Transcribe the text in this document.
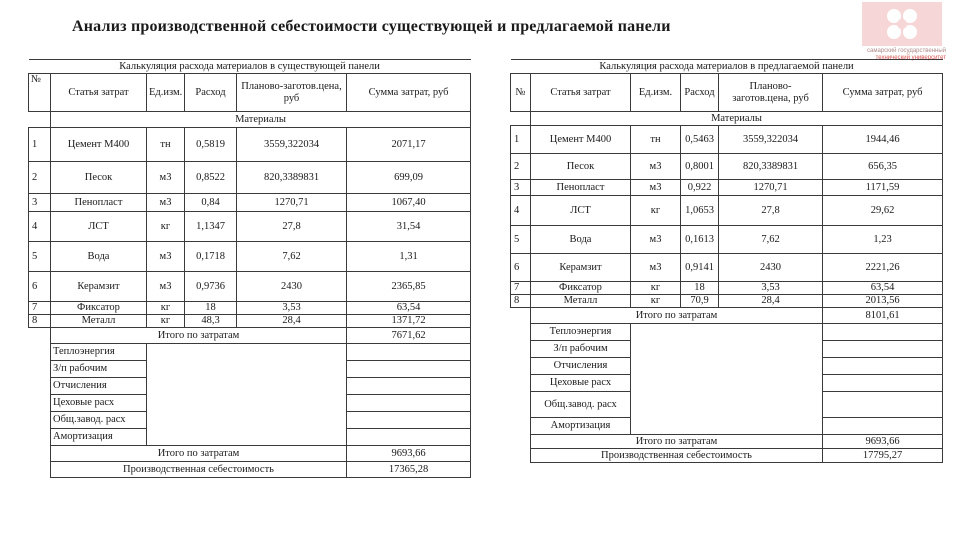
Анализ производственной себестоимости существующей и предлагаемой панели
самарский государственный
технический университет
Калькуляция расхода материалов в существующей панели					
№	Статья затрат	Ед.изм.	Расход	Планово-заготов.цена, руб	Сумма затрат, руб
	Материалы				
1	Цемент М400	тн	0,5819	3559,322034	2071,17
2	Песок	м3	0,8522	820,3389831	699,09
3	Пенопласт	м3	0,84	1270,71	1067,40
4	ЛСТ	кг	1,1347	27,8	31,54
5	Вода	м3	0,1718	7,62	1,31
6	Керамзит	м3	0,9736	2430	2365,85
7	Фиксатор	кг	18	3,53	63,54
8	Металл	кг	48,3	28,4	1371,72
	Итого по затратам				7671,62
	Теплоэнергия				
	З/п рабочим				
	Отчисления				
	Цеховые расх				
	Общ.завод. расх				
	Амортизация				
	Итого по затратам				9693,66
	Производственная себестоимость				17365,28
Калькуляция расхода материалов в предлагаемой панели					
№	Статья затрат	Ед.изм.	Расход	Планово-заготов.цена, руб	Сумма затрат, руб
	Материалы				
1	Цемент М400	тн	0,5463	3559,322034	1944,46
2	Песок	м3	0,8001	820,3389831	656,35
3	Пенопласт	м3	0,922	1270,71	1171,59
4	ЛСТ	кг	1,0653	27,8	29,62
5	Вода	м3	0,1613	7,62	1,23
6	Керамзит	м3	0,9141	2430	2221,26
7	Фиксатор	кг	18	3,53	63,54
8	Металл	кг	70,9	28,4	2013,56
	Итого по затратам				8101,61
	Теплоэнергия				
	З/п рабочим				
	Отчисления				
	Цеховые расх				
	Общ.завод. расх				
	Амортизация				
	Итого по затратам				9693,66
	Производственная себестоимость				17795,27
